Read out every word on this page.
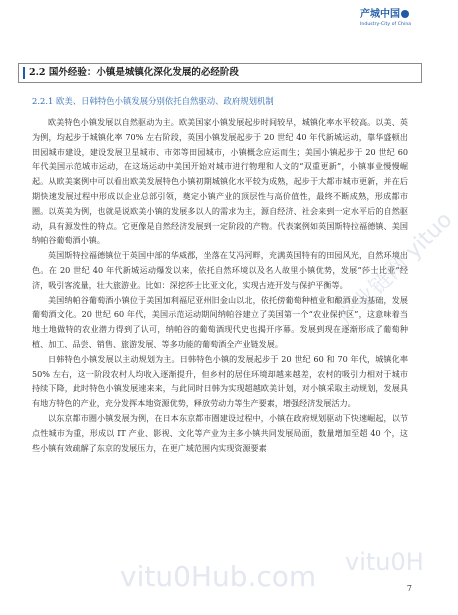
产城中国
Industry-City of China
2.2 国外经验：小镇是城镇化深化发展的必经阶段
2.2.1 欧美、日韩特色小镇发展分别依托自然驱动、政府规划机制

欧美特色小镇发展以自然驱动为主。欧美国家小镇发展起步时间较早，城镇化率水平较高。以美、英为例，均起步于城镇化率 70% 左右阶段，英国小镇发展起步于 20 世纪 40 年代新城运动，靠华盛顿出田园城市建设，建设发展卫星城市、市郊等田园城市，小镇概念应运而生；美国小镇起步于 20 世纪 60 年代美国示范城市运动，在这场运动中美国开始对城市进行物理和人文的“双重更新”，小镇事业慢慢崛起。从欧美案例中可以看出欧美发展特色小镇初期城镇化水平较为成熟，起步于大都市城市更新，并在后期快速发展过程中形成以企业总部引领，奠定小镇产业的顶层性与高价值性，最终不断成熟，形成都市圈。以英美为例，也就是说欧美小镇的发展多以人的需求为主，源自经济、社会来到一定水平后的自然驱动，具有源发性的特点。它更像是自然经济发展到一定阶段的产物。代表案例如英国斯特拉福德镇、美国纳帕谷葡萄酒小镇。

英国斯特拉福德镇位于英国中部的华威郡，坐落在艾冯河畔，充满英国特有的田园风光，自然环境出色。在 20 世纪 40 年代新城运动爆发以来，依托自然环境以及名人故里小镇优势，发展“莎士比亚”经济，吸引客流量，壮大旅游业。比如：深挖莎士比亚文化，实现古迹开发与保护平衡等。

美国纳帕谷葡萄酒小镇位于美国加利福尼亚州旧金山以北，依托傍葡萄种植业和酿酒业为基础，发展葡萄酒文化。20 世纪 60 年代，美国示范运动期间纳帕谷建立了美国第一个“农业保护区”，这意味着当地土地做特的农业潜力得到了认可，纳帕谷的葡萄酒现代史也揭开序幕。发展到现在逐渐形成了葡萄种植、加工、品尝、销售、旅游发展、等多功能的葡萄酒全产业链发展。

日韩特色小镇发展以主动规划为主。日韩特色小镇的发展起步于 20 世纪 60 和 70 年代，城镇化率 50% 左右，这一阶段农村人均收入逐渐提升，但乡村的居住环境却越来越差，农村的吸引力相对于城市持续下降，此时特色小镇发展速来来，与此同时日韩为实现超越欧美计划，对小镇采取主动规划，发展具有地方特色的产业，充分发挥本地资源优势，释放劳动力等生产要素，增强经济发展活力。

以东京都市圈小镇发展为例，在日本东京都市圈建设过程中，小镇在政府规划驱动下快速崛起，以节点性城市为重，形成以 IT 产业、影视、文化等产业为主多小镇共同发展局面，数量增加至超 40 个，这些小镇有效疏解了东京的发展压力，在更广域范围内实现资源要素

vitu0Hub.com vitu0H
产业链网 yituo
7
